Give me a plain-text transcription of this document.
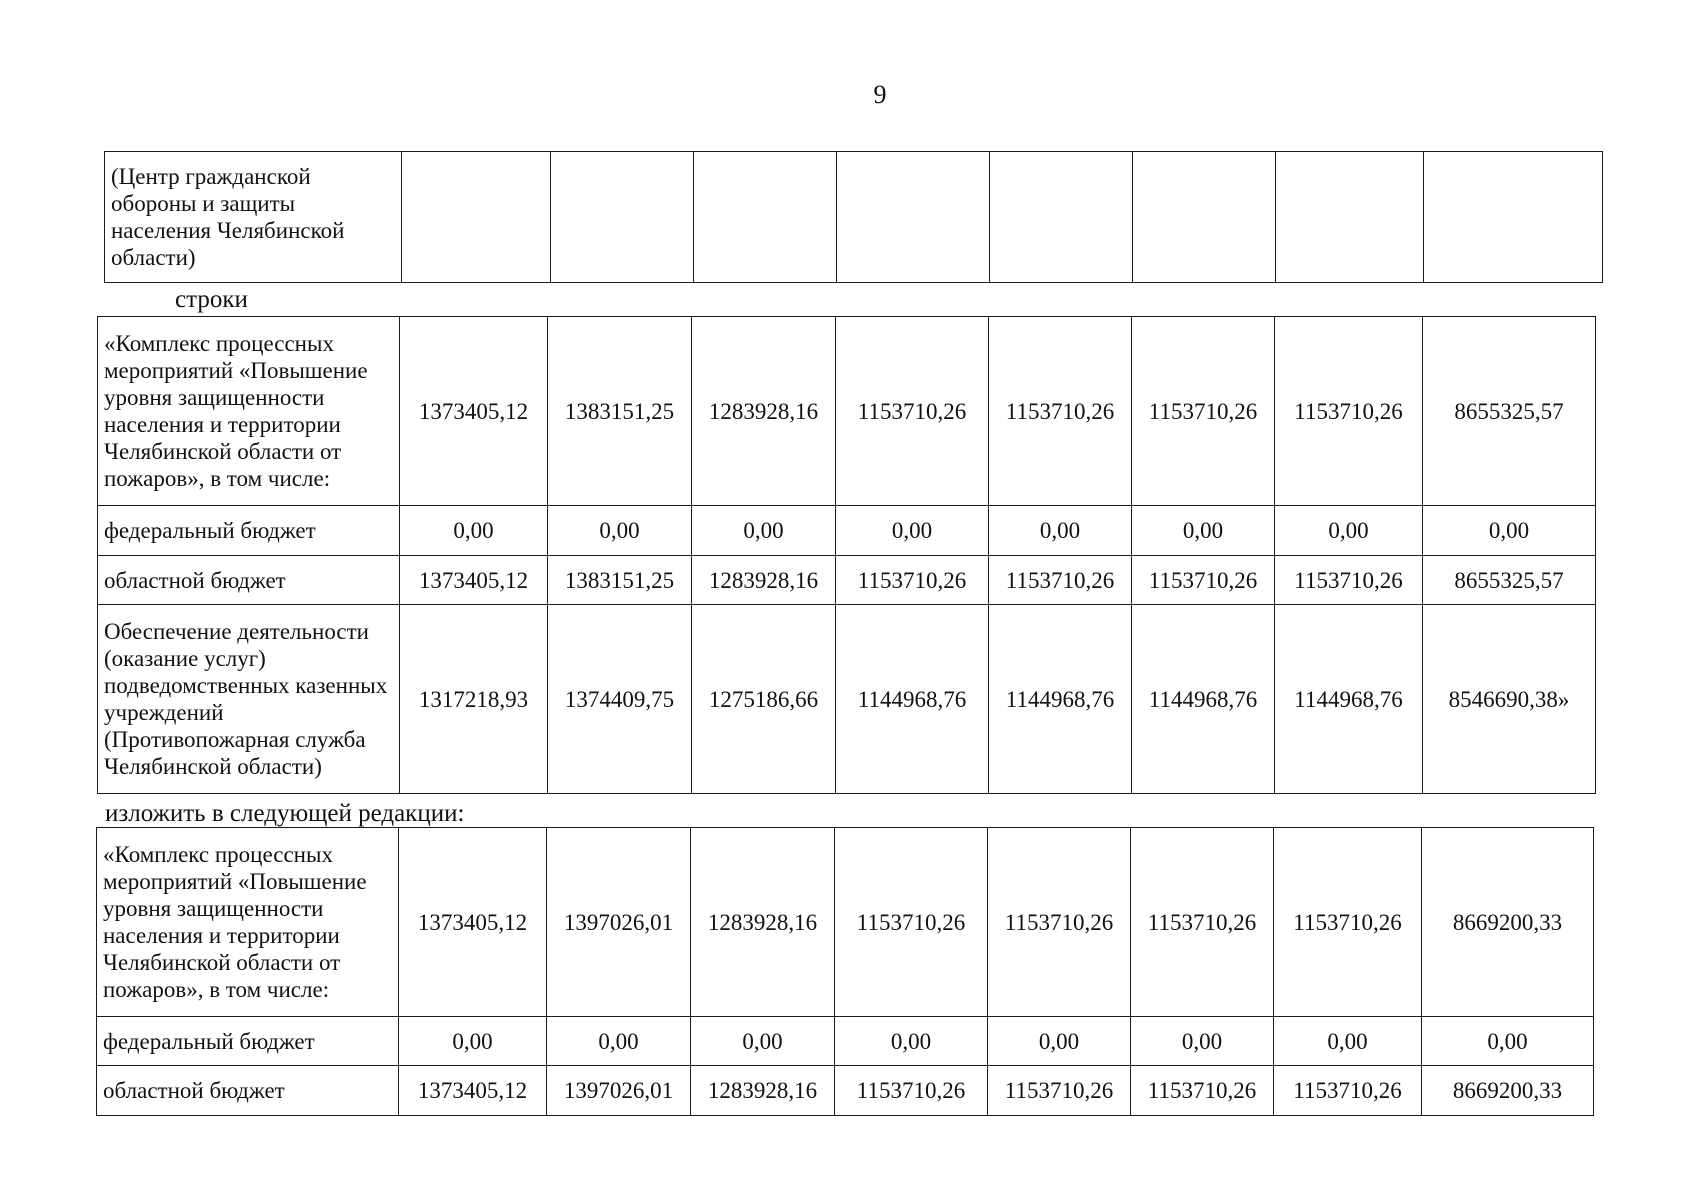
9
(Центр гражданской обороны и защиты населения Челябинской области)								
строки
«Комплекс процессных мероприятий «Повышение уровня защищенности населения и территории Челябинской области от пожаров», в том числе:	1373405,12	1383151,25	1283928,16	1153710,26	1153710,26	1153710,26	1153710,26	8655325,57
федеральный бюджет	0,00	0,00	0,00	0,00	0,00	0,00	0,00	0,00
областной бюджет	1373405,12	1383151,25	1283928,16	1153710,26	1153710,26	1153710,26	1153710,26	8655325,57
Обеспечение деятельности (оказание услуг) подведомственных казенных учреждений (Противопожарная служба Челябинской области)	1317218,93	1374409,75	1275186,66	1144968,76	1144968,76	1144968,76	1144968,76	8546690,38»
изложить в следующей редакции:
«Комплекс процессных мероприятий «Повышение уровня защищенности населения и территории Челябинской области от пожаров», в том числе:	1373405,12	1397026,01	1283928,16	1153710,26	1153710,26	1153710,26	1153710,26	8669200,33
федеральный бюджет	0,00	0,00	0,00	0,00	0,00	0,00	0,00	0,00
областной бюджет	1373405,12	1397026,01	1283928,16	1153710,26	1153710,26	1153710,26	1153710,26	8669200,33
